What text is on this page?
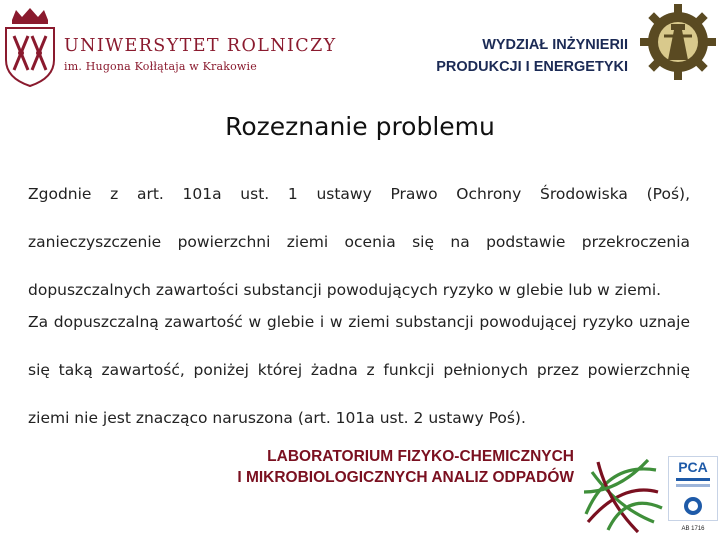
UNIWERSYTET ROLNICZY
im. Hugona Kołłątaja w Krakowie
WYDZIAŁ INŻYNIERII
PRODUKCJI I ENERGETYKI
Rozeznanie problemu
Zgodnie z art. 101a ust. 1 ustawy Prawo Ochrony Środowiska (Poś), zanieczyszczenie powierzchni ziemi ocenia się na podstawie przekroczenia dopuszczalnych zawartości substancji powodujących ryzyko w glebie lub w ziemi.
Za dopuszczalną zawartość w glebie i w ziemi substancji powodującej ryzyko uznaje się taką zawartość, poniżej której żadna z funkcji pełnionych przez powierzchnię ziemi nie jest znacząco naruszona (art. 101a ust. 2 ustawy Poś).
LABORATORIUM FIZYKO-CHEMICZNYCH
I MIKROBIOLOGICZNYCH ANALIZ ODPADÓW
PCA
AB 1716
